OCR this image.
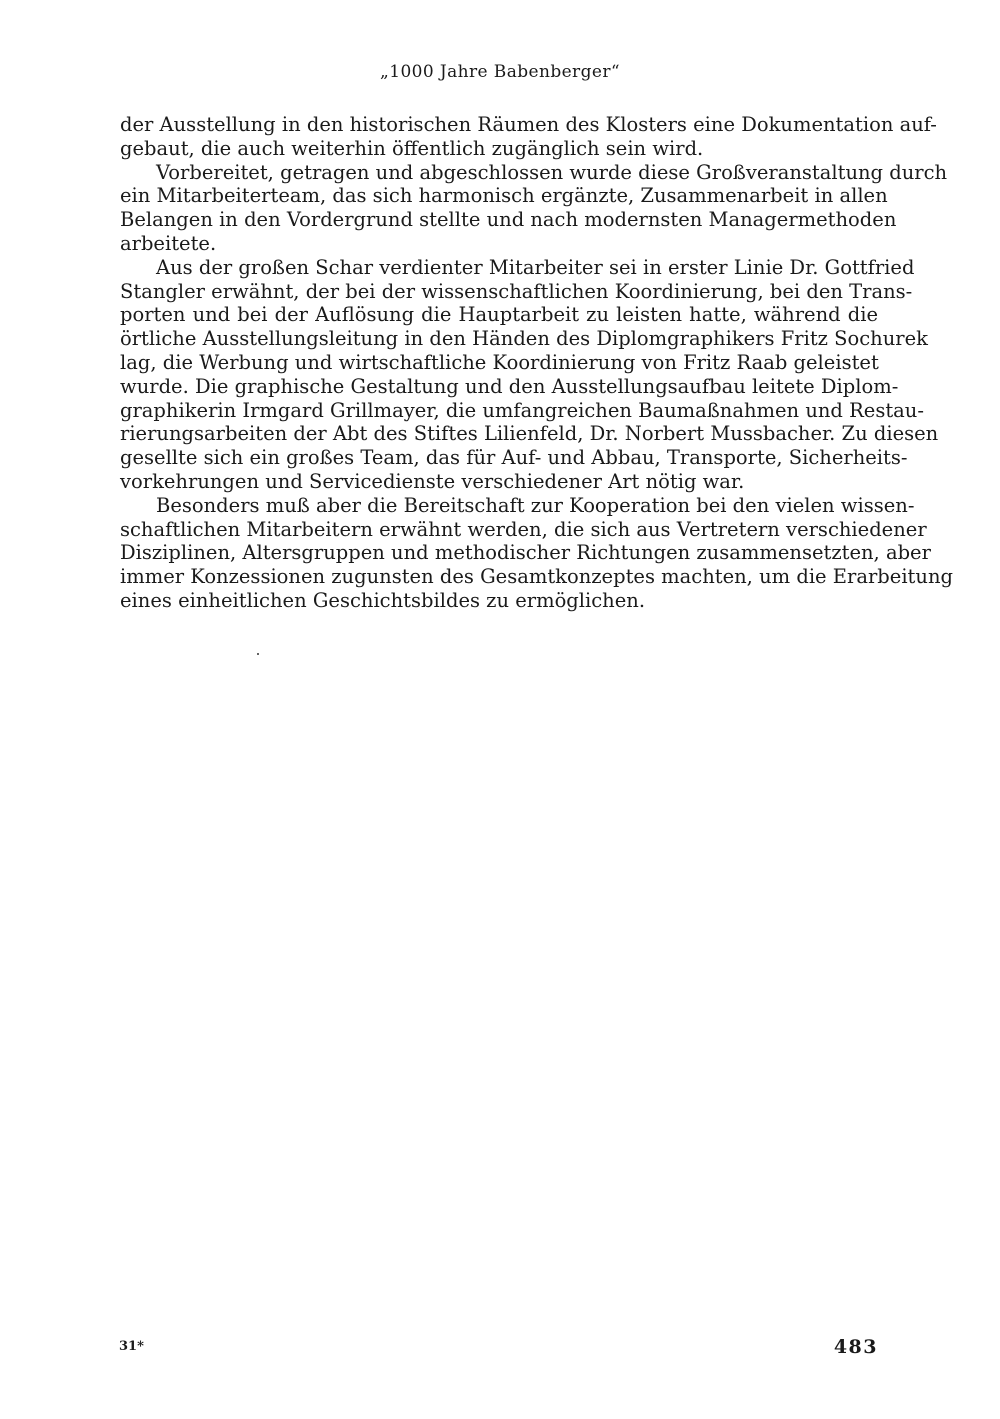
„1000 Jahre Babenberger“

der Ausstellung in den historischen Räumen des Klosters eine Dokumentation auf-
gebaut, die auch weiterhin öffentlich zugänglich sein wird.

Vorbereitet, getragen und abgeschlossen wurde diese Großveranstaltung durch
ein Mitarbeiterteam, das sich harmonisch ergänzte, Zusammenarbeit in allen
Belangen in den Vordergrund stellte und nach modernsten Managermethoden
arbeitete.

Aus der großen Schar verdienter Mitarbeiter sei in erster Linie Dr. Gottfried
Stangler erwähnt, der bei der wissenschaftlichen Koordinierung, bei den Trans-
porten und bei der Auflösung die Hauptarbeit zu leisten hatte, während die
örtliche Ausstellungsleitung in den Händen des Diplomgraphikers Fritz Sochurek
lag, die Werbung und wirtschaftliche Koordinierung von Fritz Raab geleistet
wurde. Die graphische Gestaltung und den Ausstellungsaufbau leitete Diplom-
graphikerin Irmgard Grillmayer, die umfangreichen Baumaßnahmen und Restau-
rierungsarbeiten der Abt des Stiftes Lilienfeld, Dr. Norbert Mussbacher. Zu diesen
gesellte sich ein großes Team, das für Auf- und Abbau, Transporte, Sicherheits-
vorkehrungen und Servicedienste verschiedener Art nötig war.

Besonders muß aber die Bereitschaft zur Kooperation bei den vielen wissen-
schaftlichen Mitarbeitern erwähnt werden, die sich aus Vertretern verschiedener
Disziplinen, Altersgruppen und methodischer Richtungen zusammensetzten, aber
immer Konzessionen zugunsten des Gesamtkonzeptes machten, um die Erarbeitung
eines einheitlichen Geschichtsbildes zu ermöglichen.

31*	483
